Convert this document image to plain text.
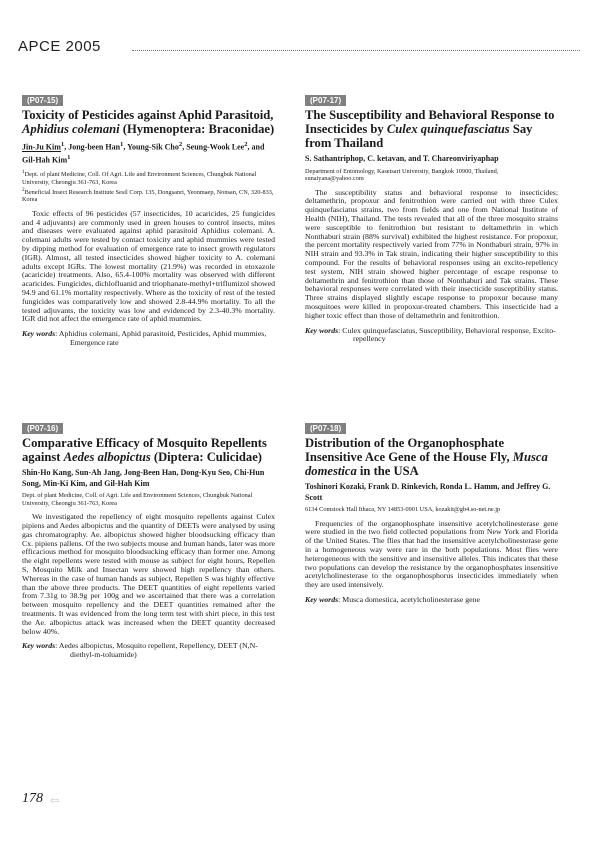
APCE 2005
(P07-15)
Toxicity of Pesticides against Aphid Parasitoid, Aphidius colemani (Hymenoptera: Braconidae)
Jin-Ju Kim$^1$, Jong-been Han$^1$, Young-Sik Cho$^2$, Seung-Wook Lee$^2$, and Gil-Hah Kim$^1$
$^1$Dept. of plant Medicine, Coll. Of Agri. Life and Environment Sciences, Chungbuk National University, Cheongju 361-763, Korea
$^2$Beneficial Insect Research Institute Sesil Corp. 135, Dongsanri, Yeonmaep, Nonsan, CN, 320-833, Korea
Toxic effects of 96 pesticides (57 insecticides, 10 acaricides, 25 fungicides and 4 adjuvants) are commonly used in green houses to control insects, mites and diseases were evaluated against aphid parasitoid Aphidius colemani. A. colemani adults were tested by contact toxicity and aphid mummies were tested by dipping method for evaluation of emergence rate to insect growth regulators (IGR). Almost, all tested insecticides showed higher toxicity to A. colemani adults except IGRs. The lowest mortality (21.9%) was recorded in etoxazole (acaricide) treatments. Also, 65.4-100% mortality was observed with different acaricides. Fungicides, dichlofluanid and triophanate-methyl+triflumizol showed 94.9 and 61.1% mortality respectively. Where as the toxicity of rest of the tested fungicides was comparatively low and showed 2.8-44.9% mortality. To all the tested adjuvants, the toxicity was low and evidenced by 2.3-40.3% mortality. IGR did not affect the emergence rate of aphid mummies.
Key words: Aphidius colemani, Aphid parasitoid, Pesticides, Aphid mummies, Emergence rate
(P07-17)
The Susceptibility and Behavioral Response to Insecticides by Culex quinquefasciatus Say from Thailand
S. Sathantriphop, C. ketavan, and T. Chareonviriyaphap
Department of Entomology, Kasetsart University, Bangkok 10900, Thailand, sunaiyana@yahoo.com
The susceptibility status and behavioral response to insecticides; deltamethrin, propoxur and fenitrothion were carried out with three Culex quinquefasciatus strains, two from fields and one from National Institute of Health (NIH), Thailand. The tests revealed that all of the three mosquito strains were susceptible to fenitrothion but resistant to deltamethrin in which Nonthaburi strain (88% survival) exhibited the highest resistance. For propoxur, the percent mortality respectively varied from 77% in Nonthaburi strain, 97% in NIH strain and 93.3% in Tak strain, indicating their higher susceptibility to this compound. For the results of behavioral responses using an excito-repellency test system, NIH strain showed higher percentage of escape response to deltamethrin and fenitrothion than those of Nonthaburi and Tak strains. These behavioral responses were correlated with their insecticide susceptibility status. Three strains displayed slightly escape response to propoxur because many mosquitoes were killed in propoxur-treated chambers. This insecticide had a higher toxic effect than those of deltamethrin and fenitrothion.
Key words: Culex quinquefasciatus, Susceptibility, Behavioral response, Excito-repellency
(P07-16)
Comparative Efficacy of Mosquito Repellents against Aedes albopictus (Diptera: Culicidae)
Shin-Ho Kang, Sun-Ah Jang, Jong-Been Han, Dong-Kyu Seo, Chi-Hun Song, Min-Ki Kim, and Gil-Hah Kim
Dept. of plant Medicine, Coll. of Agri. Life and Environment Sciences, Chungbuk National University, Cheongju 361-763, Korea
We investigated the repellency of eight mosquito repellents against Culex pipiens and Aedes albopictus and the quantity of DEETs were analysed by using gas chromatography. Ae. albopictus showed higher bloodsucking efficacy than Cx. pipiens pallens. Of the two subjects mouse and human hands, later was more efficacious method for mosquito bloodsucking efficacy than former one. Among the eight repellents were tested with mouse as subject for eight hours, Repellen S, Mosquito Milk and Insectan were showed high repellency than others. Whereas in the case of human hands as subject, Repellen S was highly effective than the above three products. The DEET quantities of eight repellents varied from 7.31g to 38.9g per 100g and we ascertained that there was a correlation between mosquito repellency and the DEET quantities remained after the treatments. It was evidenced from the long term test with shirt piece, in this test the Ae. albopictus attack was increased when the DEET quantity decreased below 40%.
Key words: Aedes albopictus, Mosquito repellent, Repellency, DEET (N,N-diethyl-m-toluamide)
(P07-18)
Distribution of the Organophosphate Insensitive Ace Gene of the House Fly, Musca domestica in the USA
Toshinori Kozaki, Frank D. Rinkevich, Ronda L. Hamm, and Jeffrey G. Scott
6134 Comstock Hall Ithaca, NY 14853-0901 USA, kozakit@gb4.so-net.ne.jp
Frequencies of the organophosphate insensitive acetylcholinesterase gene were studied in the two field collected populations from New York and Florida of the United States. The flies that had the insensitive acetylcholinesterase gene in a homogeneous way were rare in the both populations. Most flies were heterogeneous with the sensitive and insensitive alleles. This indicates that these two populations can develop the resistance by the organophosphates insensitive acetylcholinesterase to the organophosphorus insecticides immediately when they are used intensively.
Key words: Musca domestica, acetylcholinesterase gene
178 ⇦
